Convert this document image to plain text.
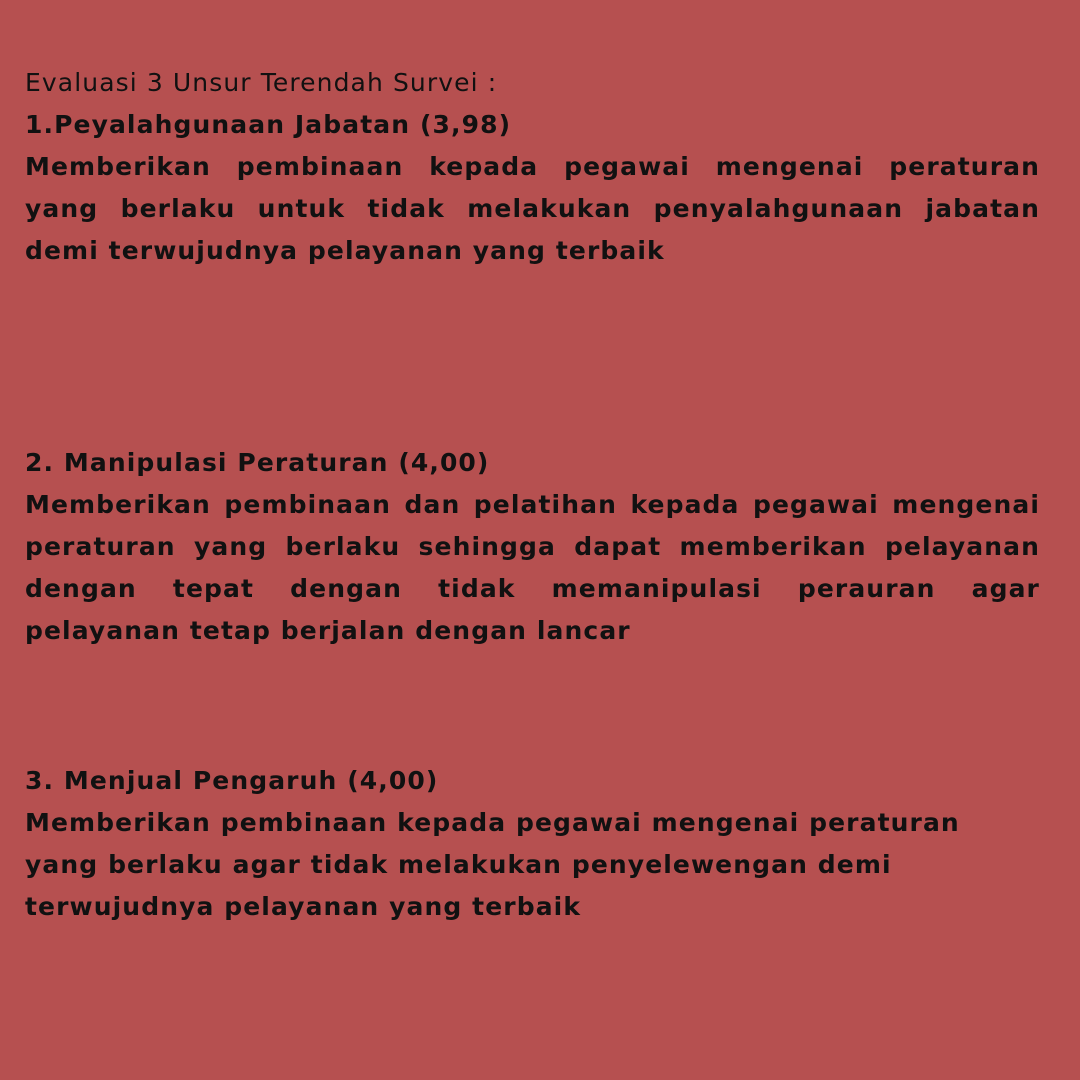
Evaluasi 3 Unsur Terendah Survei :
1.Peyalahgunaan Jabatan (3,98)

Memberikan pembinaan kepada pegawai mengenai peraturan yang berlaku untuk tidak melakukan penyalahgunaan jabatan demi terwujudnya pelayanan yang terbaik

2. Manipulasi Peraturan (4,00)

Memberikan pembinaan dan pelatihan kepada pegawai mengenai peraturan yang berlaku sehingga dapat memberikan pelayanan dengan tepat dengan tidak memanipulasi perauran agar pelayanan tetap berjalan dengan lancar

3. Menjual Pengaruh (4,00)

Memberikan pembinaan kepada pegawai mengenai peraturan yang berlaku agar tidak melakukan penyelewengan demi terwujudnya pelayanan yang terbaik
